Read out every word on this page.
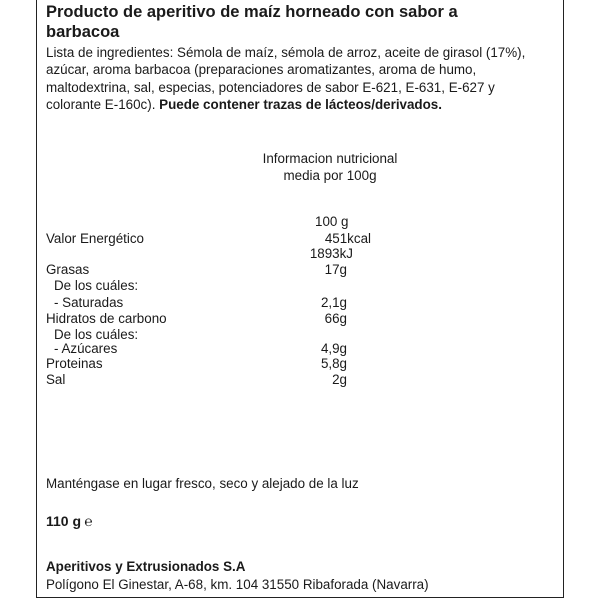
Producto de aperitivo de maíz horneado con sabor a barbacoa

Lista de ingredientes: Sémola de maíz, sémola de arroz, aceite de girasol (17%), azúcar, aroma barbacoa (preparaciones aromatizantes, aroma de humo, maltodextrina, sal, especias, potenciadores de sabor E-621, E-631, E-627 y colorante E-160c). Puede contener trazas de lácteos/derivados.

Informacion nutricional
media por 100g
100 g
Valor Energético	451kcal
1893kJ
Grasas	17g
De los cuáles:
- Saturadas	2,1g
Hidratos de carbono	66g
De los cuáles:
- Azúcares	4,9g
Proteinas	5,8g
Sal	2g
Manténgase en lugar fresco, seco y alejado de la luz
110 g ℮
Aperitivos y Extrusionados S.A
Polígono El Ginestar, A-68, km. 104 31550 Ribaforada (Navarra)
